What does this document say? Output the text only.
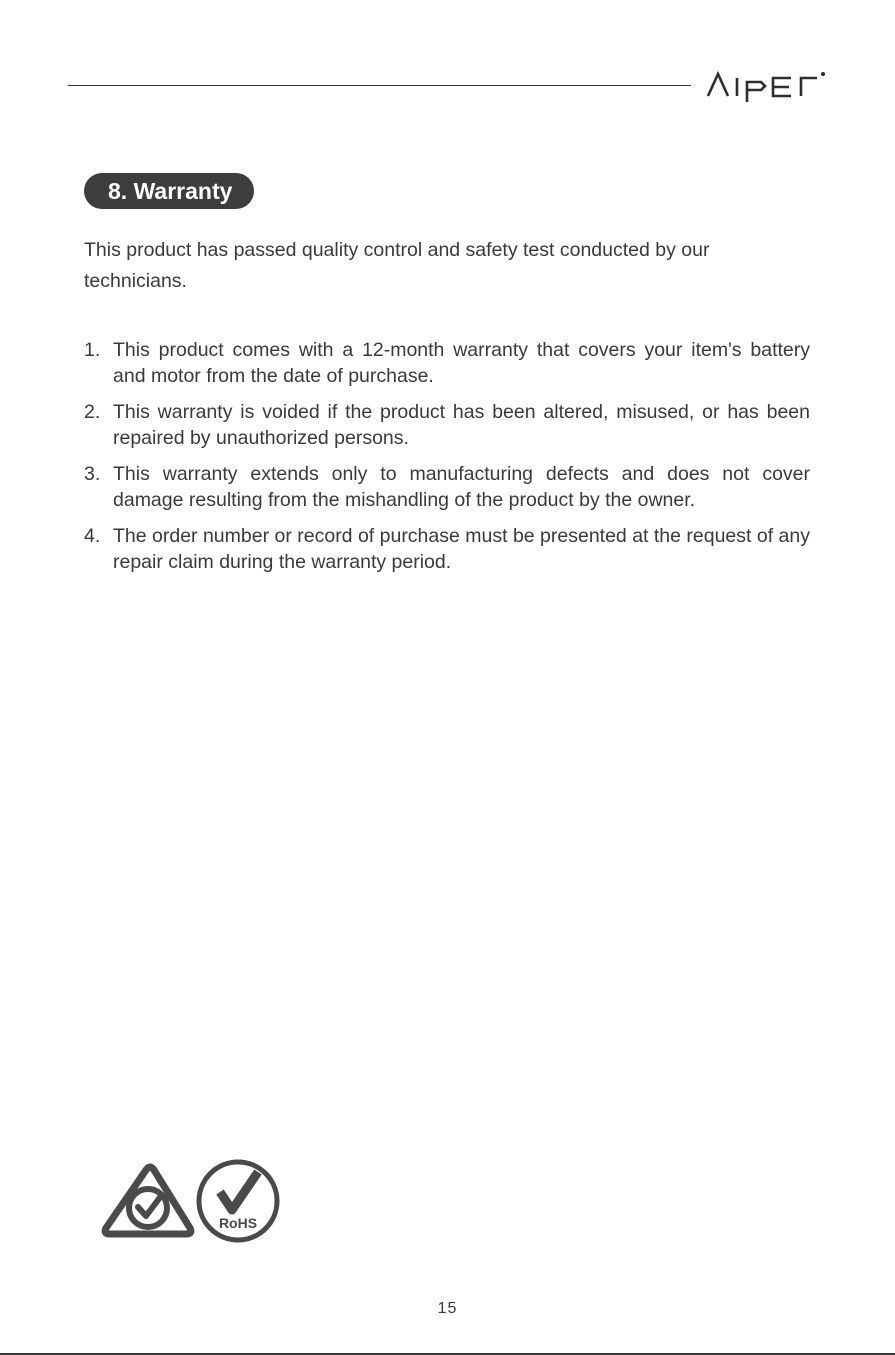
AIPER
8. Warranty
This product has passed quality control and safety test conducted by our technicians.
1. This product comes with a 12-month warranty that covers your item's battery and motor from the date of purchase.
2. This warranty is voided if the product has been altered, misused, or has been repaired by unauthorized persons.
3. This warranty extends only to manufacturing defects and does not cover damage resulting from the mishandling of the product by the owner.
4. The order number or record of purchase must be presented at the request of any repair claim during the warranty period.
RoHS
15
